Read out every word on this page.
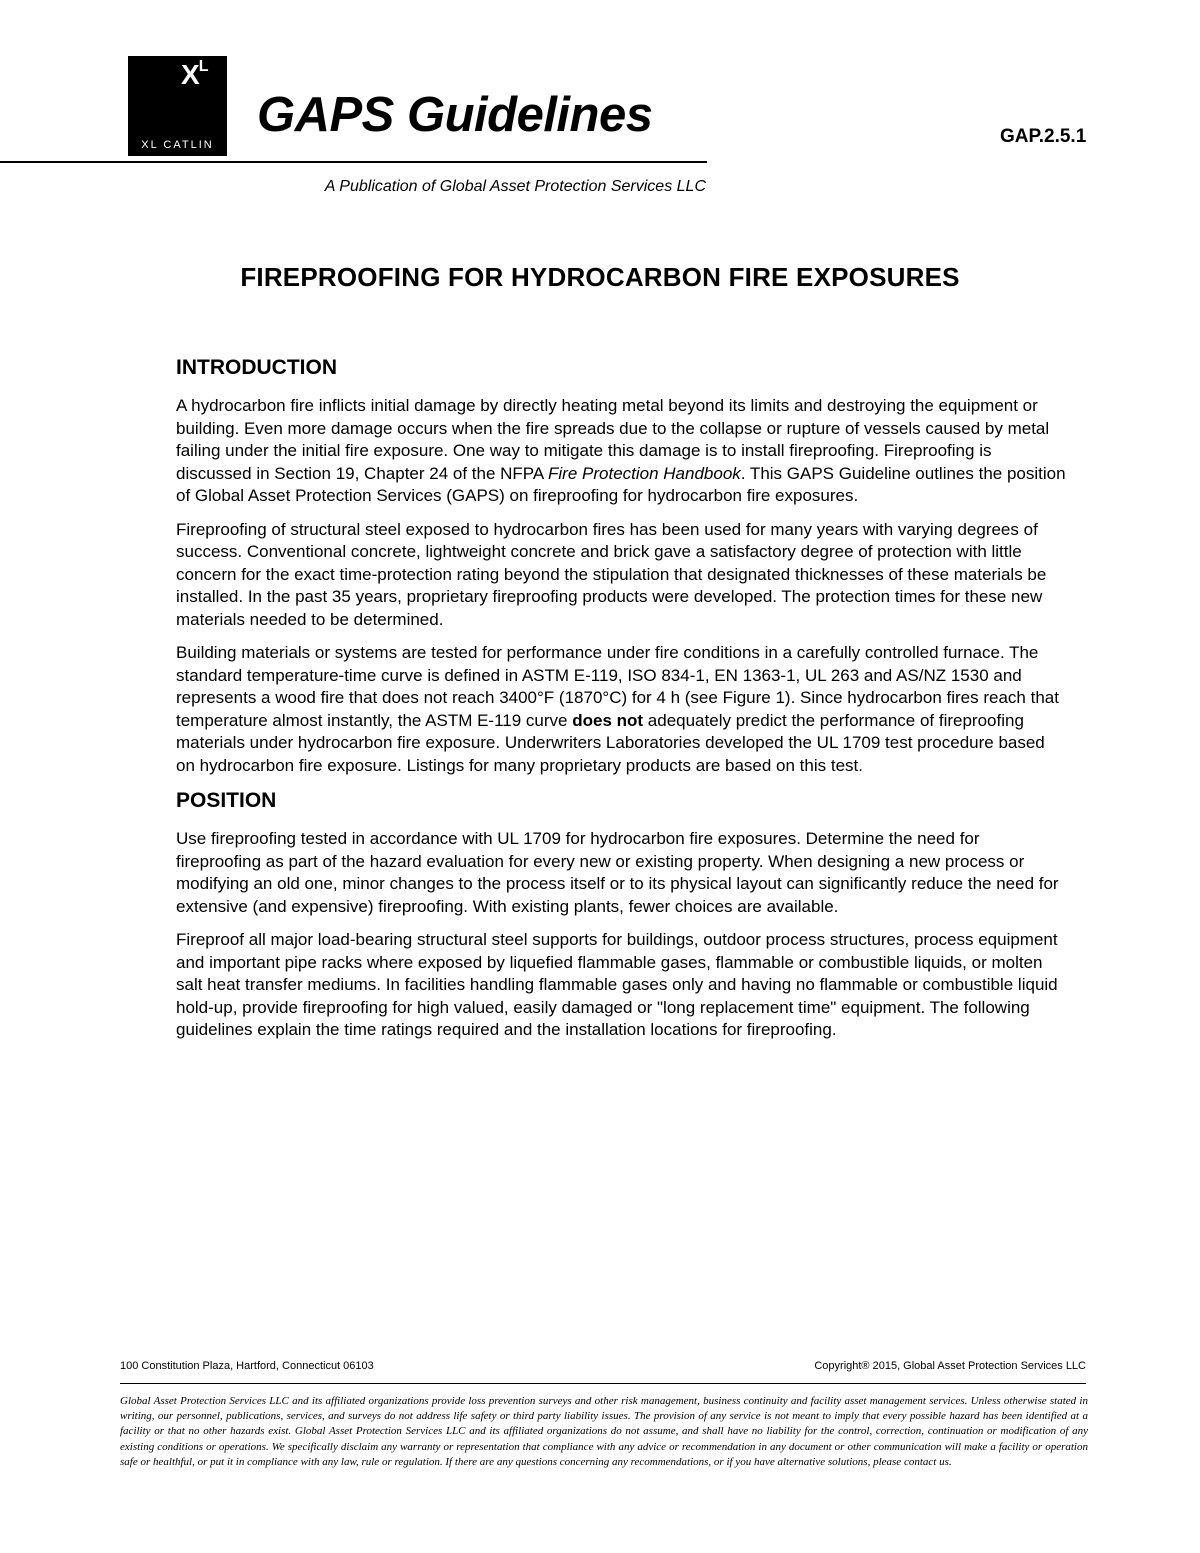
$X^L$
XL CATLIN
GAPS Guidelines	GAP.2.5.1
A Publication of Global Asset Protection Services LLC
FIREPROOFING FOR HYDROCARBON FIRE EXPOSURES
INTRODUCTION

A hydrocarbon fire inflicts initial damage by directly heating metal beyond its limits and destroying the equipment or building. Even more damage occurs when the fire spreads due to the collapse or rupture of vessels caused by metal failing under the initial fire exposure. One way to mitigate this damage is to install fireproofing. Fireproofing is discussed in Section 19, Chapter 24 of the NFPA Fire Protection Handbook. This GAPS Guideline outlines the position of Global Asset Protection Services (GAPS) on fireproofing for hydrocarbon fire exposures.

Fireproofing of structural steel exposed to hydrocarbon fires has been used for many years with varying degrees of success. Conventional concrete, lightweight concrete and brick gave a satisfactory degree of protection with little concern for the exact time-protection rating beyond the stipulation that designated thicknesses of these materials be installed. In the past 35 years, proprietary fireproofing products were developed. The protection times for these new materials needed to be determined.

Building materials or systems are tested for performance under fire conditions in a carefully controlled furnace. The standard temperature-time curve is defined in ASTM E-119, ISO 834-1, EN 1363-1, UL 263 and AS/NZ 1530 and represents a wood fire that does not reach 3400°F (1870°C) for 4 h (see Figure 1). Since hydrocarbon fires reach that temperature almost instantly, the ASTM E-119 curve does not adequately predict the performance of fireproofing materials under hydrocarbon fire exposure. Underwriters Laboratories developed the UL 1709 test procedure based on hydrocarbon fire exposure. Listings for many proprietary products are based on this test.

POSITION

Use fireproofing tested in accordance with UL 1709 for hydrocarbon fire exposures. Determine the need for fireproofing as part of the hazard evaluation for every new or existing property. When designing a new process or modifying an old one, minor changes to the process itself or to its physical layout can significantly reduce the need for extensive (and expensive) fireproofing. With existing plants, fewer choices are available.

Fireproof all major load-bearing structural steel supports for buildings, outdoor process structures, process equipment and important pipe racks where exposed by liquefied flammable gases, flammable or combustible liquids, or molten salt heat transfer mediums. In facilities handling flammable gases only and having no flammable or combustible liquid hold-up, provide fireproofing for high valued, easily damaged or "long replacement time" equipment. The following guidelines explain the time ratings required and the installation locations for fireproofing.

100 Constitution Plaza, Hartford, Connecticut 06103	Copyright® 2015, Global Asset Protection Services LLC

Global Asset Protection Services LLC and its affiliated organizations provide loss prevention surveys and other risk management, business continuity and facility asset management services. Unless otherwise stated in writing, our personnel, publications, services, and surveys do not address life safety or third party liability issues. The provision of any service is not meant to imply that every possible hazard has been identified at a facility or that no other hazards exist. Global Asset Protection Services LLC and its affiliated organizations do not assume, and shall have no liability for the control, correction, continuation or modification of any existing conditions or operations. We specifically disclaim any warranty or representation that compliance with any advice or recommendation in any document or other communication will make a facility or operation safe or healthful, or put it in compliance with any law, rule or regulation. If there are any questions concerning any recommendations, or if you have alternative solutions, please contact us.
